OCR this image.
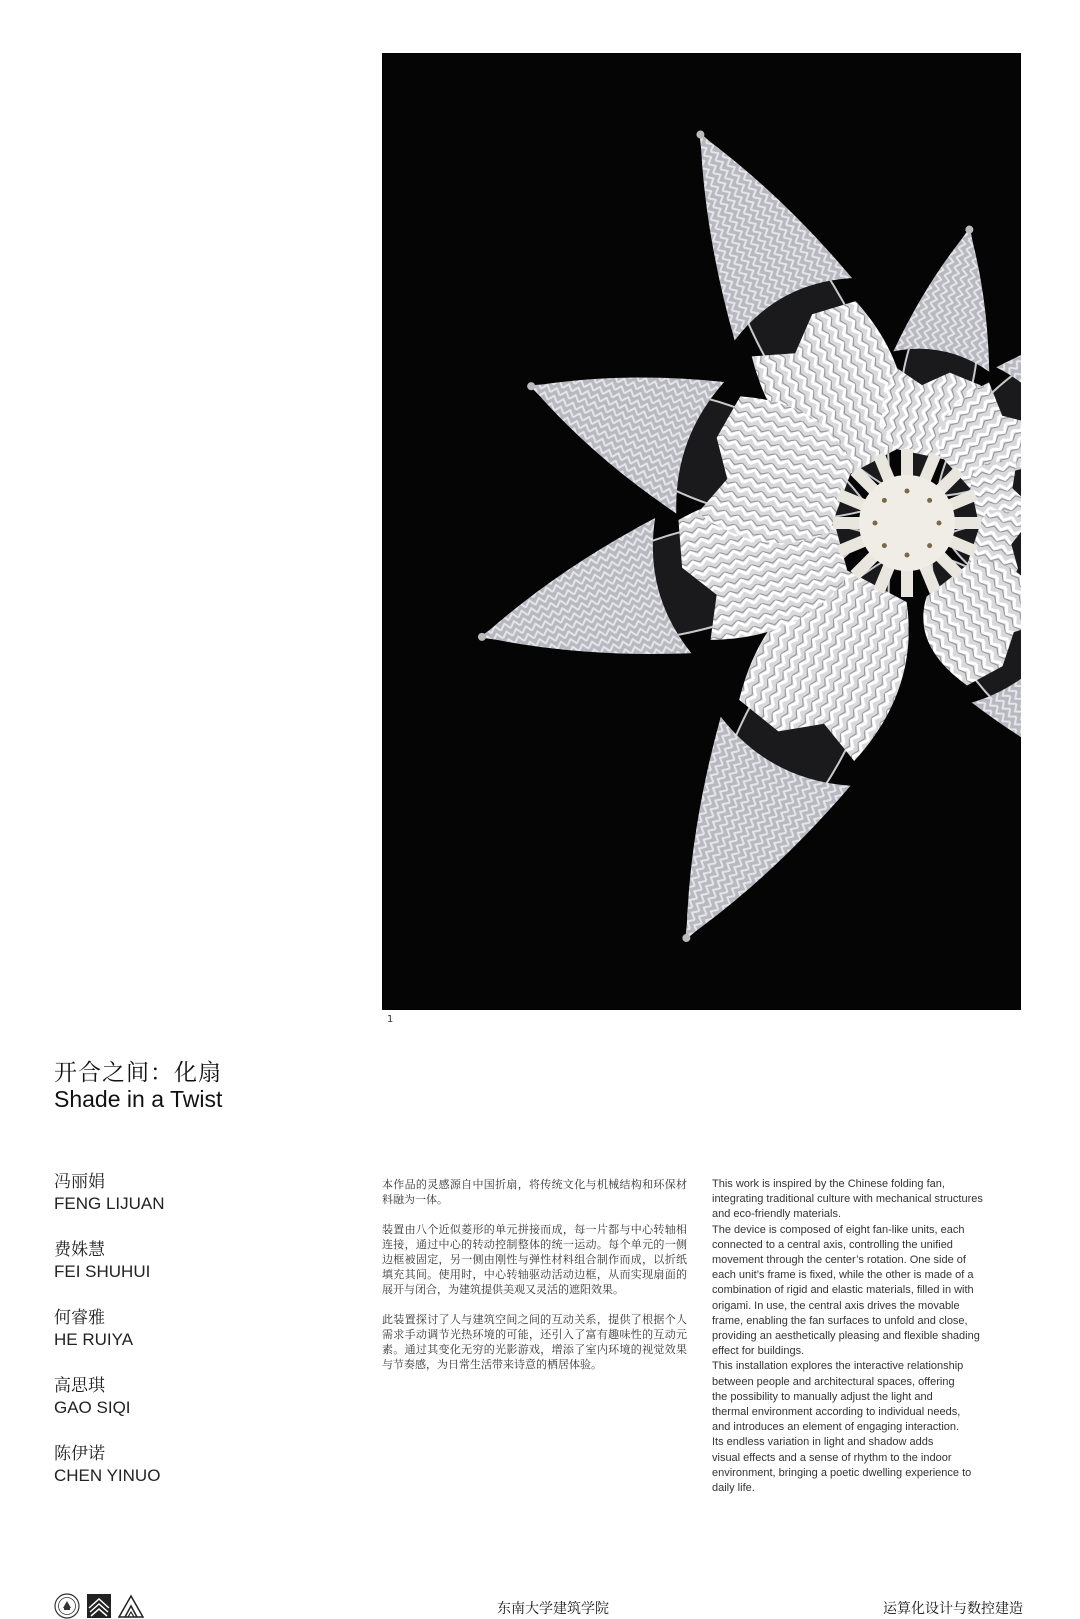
1
开合之间：化扇
Shade in a Twist
冯丽娟
FENG LIJUAN
费姝慧
FEI SHUHUI
何睿雅
HE RUIYA
高思琪
GAO SIQI
陈伊诺
CHEN YINUO

本作品的灵感源自中国折扇，将传统文化与机械结构和环保材料融为一体。

装置由八个近似菱形的单元拼接而成，每一片都与中心转轴相连接，通过中心的转动控制整体的统一运动。每个单元的一侧边框被固定，另一侧由刚性与弹性材料组合制作而成，以折纸填充其间。使用时，中心转轴驱动活动边框，从而实现扇面的展开与闭合，为建筑提供美观又灵活的遮阳效果。

此装置探讨了人与建筑空间之间的互动关系，提供了根据个人需求手动调节光热环境的可能，还引入了富有趣味性的互动元素。通过其变化无穷的光影游戏，增添了室内环境的视觉效果与节奏感，为日常生活带来诗意的栖居体验。

This work is inspired by the Chinese folding fan,

integrating traditional culture with mechanical structures

and eco-friendly materials.

The device is composed of eight fan-like units, each

connected to a central axis, controlling the unified

movement through the center’s rotation. One side of

each unit’s frame is fixed, while the other is made of a

combination of rigid and elastic materials, filled in with

origami. In use, the central axis drives the movable

frame, enabling the fan surfaces to unfold and close,

providing an aesthetically pleasing and flexible shading

effect for buildings.

This installation explores the interactive relationship

between people and architectural spaces, offering

the possibility to manually adjust the light and

thermal environment according to individual needs,

and introduces an element of engaging interaction.

Its endless variation in light and shadow adds

visual effects and a sense of rhythm to the indoor

environment, bringing a poetic dwelling experience to

daily life.

东南大学建筑学院	运算化设计与数控建造
